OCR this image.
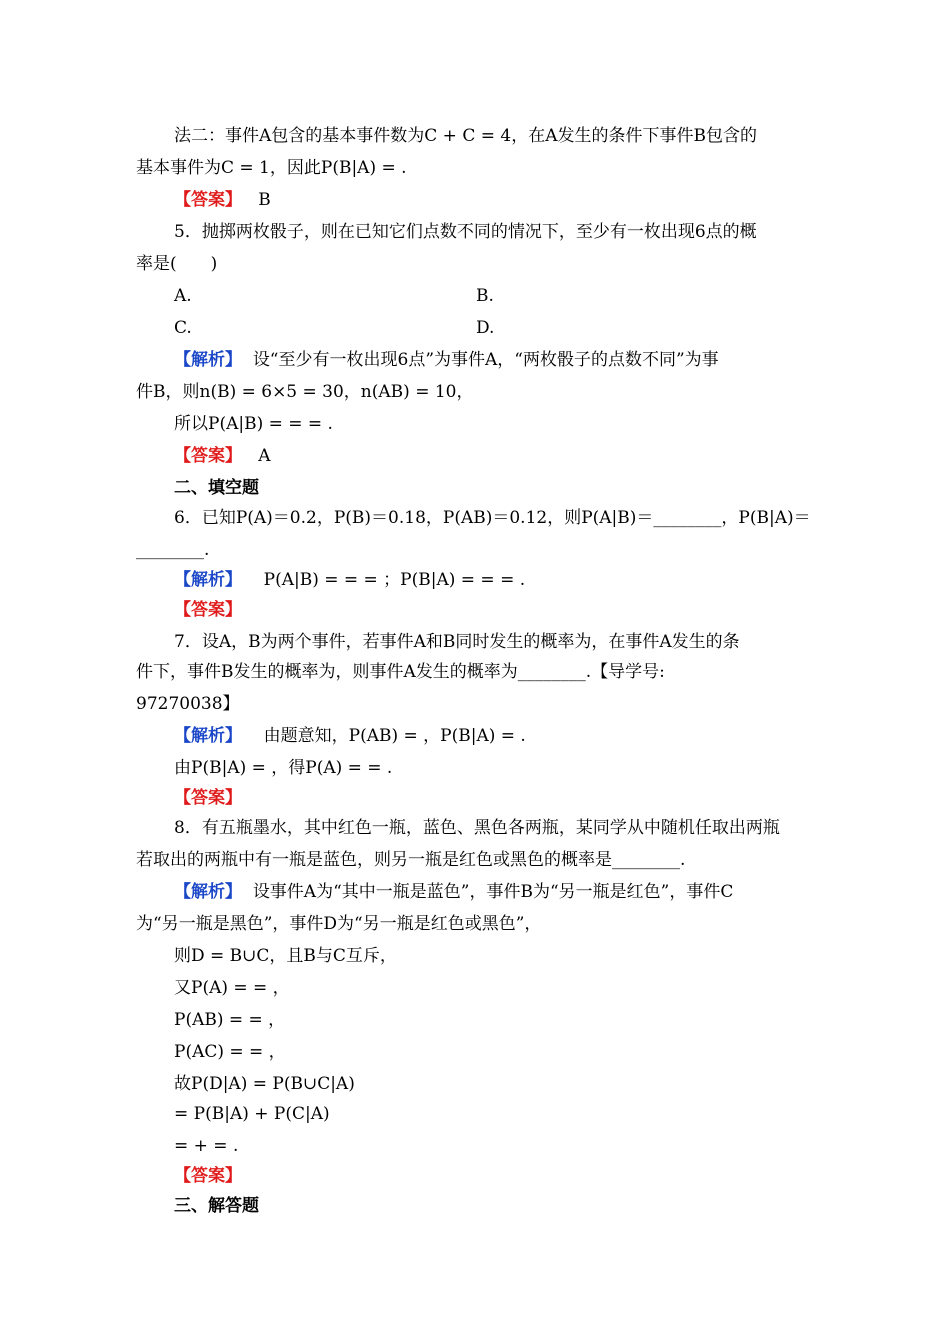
法二：事件A包含的基本事件数为C + C = 4，在A发生的条件下事件B包含的
基本事件为C = 1，因此P(B|A) = .
【答案】 B
5．抛掷两枚骰子，则在已知它们点数不同的情况下，至少有一枚出现6点的概
率是(　　)
A.	B.
C.	D.
【解析】 设“至少有一枚出现6点”为事件A，“两枚骰子的点数不同”为事
件B，则n(B) = 6×5 = 30，n(AB) = 10，
所以P(A|B) = = = .
【答案】 A
二、填空题
6．已知P(A)＝0.2，P(B)＝0.18，P(AB)＝0.12，则P(A|B)＝________，P(B|A)＝
________.
【解析】 P(A|B) = = = ；P(B|A) = = = .
【答案】
7．设A，B为两个事件，若事件A和B同时发生的概率为，在事件A发生的条
件下，事件B发生的概率为，则事件A发生的概率为________.【导学号:
97270038】
【解析】 由题意知，P(AB) = ，P(B|A) = .
由P(B|A) = ，得P(A) = = .
【答案】
8．有五瓶墨水，其中红色一瓶，蓝色、黑色各两瓶，某同学从中随机任取出两瓶
若取出的两瓶中有一瓶是蓝色，则另一瓶是红色或黑色的概率是________.
【解析】 设事件A为“其中一瓶是蓝色”，事件B为“另一瓶是红色”，事件C
为“另一瓶是黑色”，事件D为“另一瓶是红色或黑色”，
则D = B∪C，且B与C互斥，
又P(A) = = ，
P(AB) = = ，
P(AC) = = ，
故P(D|A) = P(B∪C|A)
= P(B|A) + P(C|A)
= + = .
【答案】
三、解答题
